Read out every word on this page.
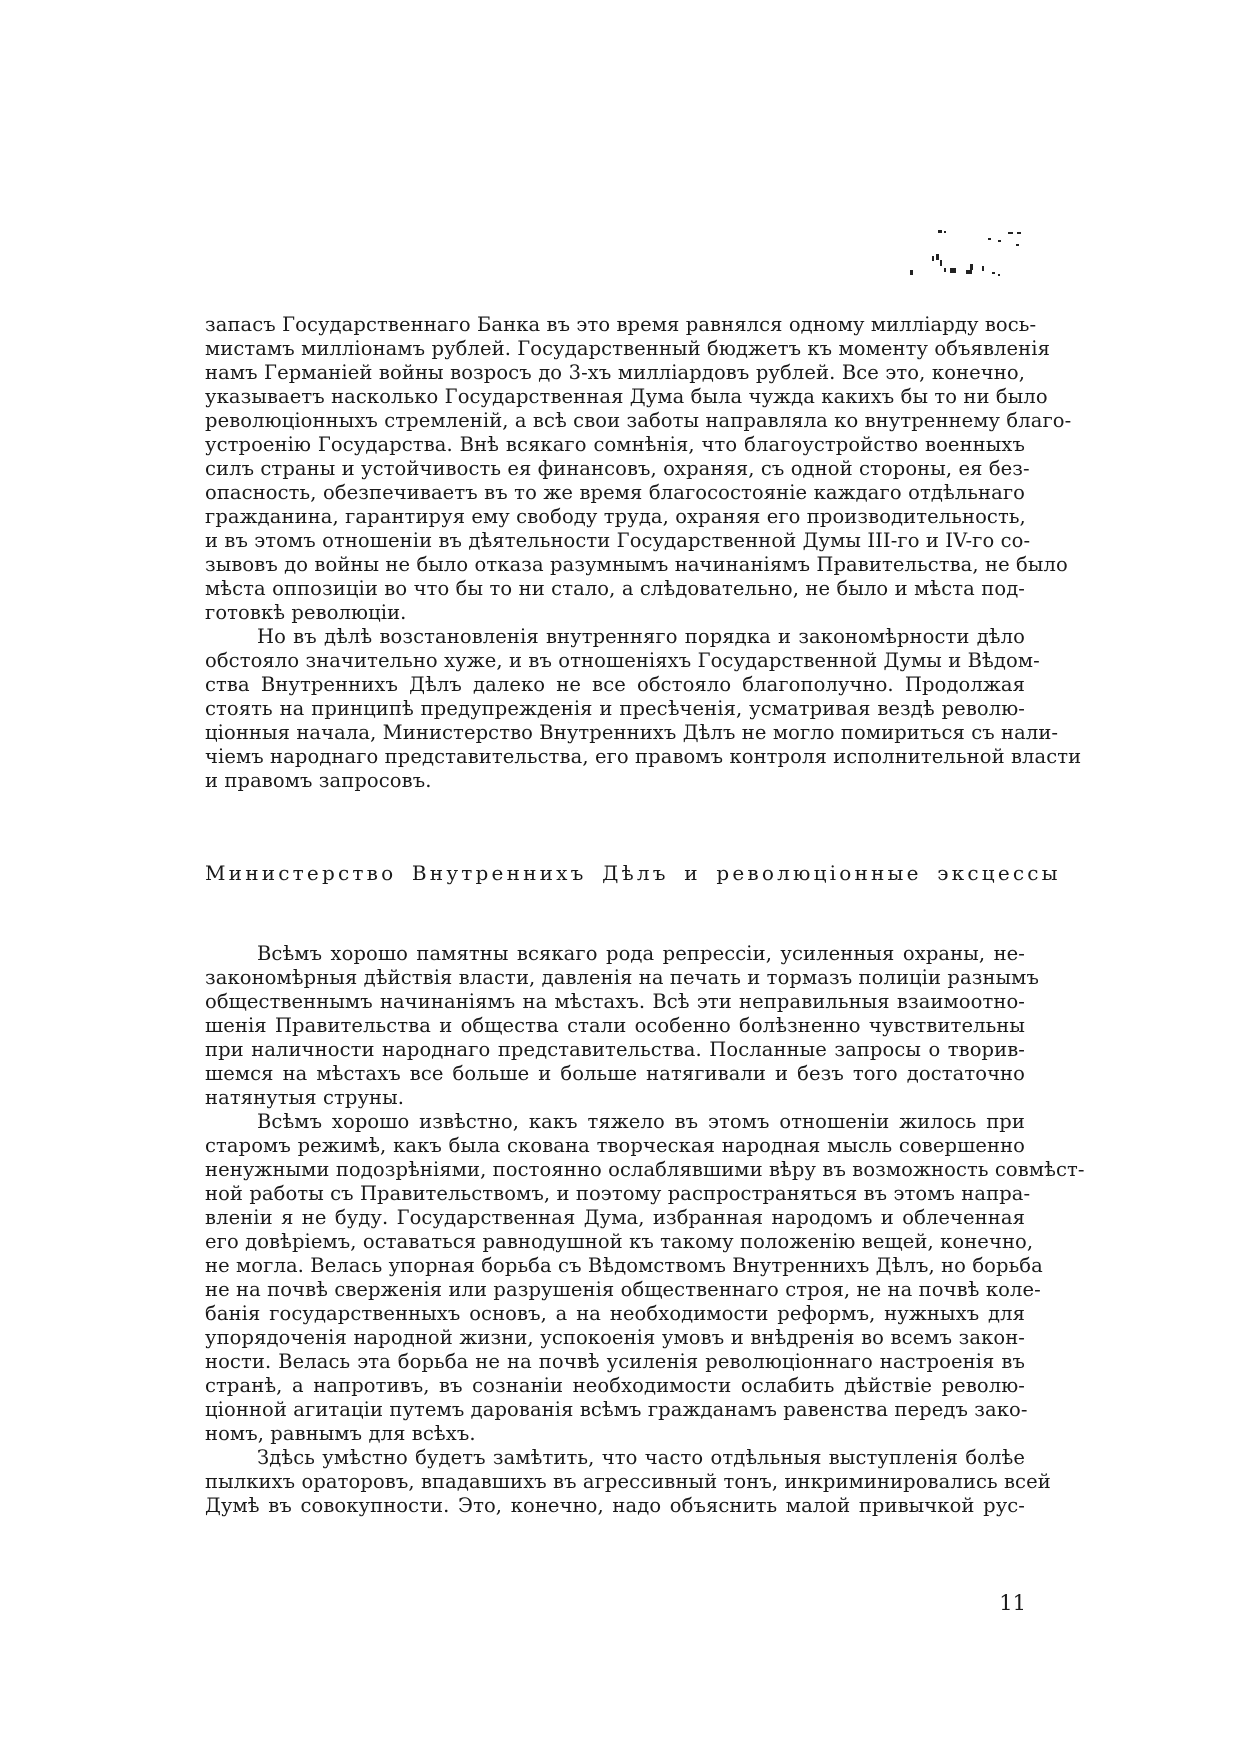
запасъ Государственнаго Банка въ это время равнялся одному милліарду вось-
мистамъ милліонамъ рублей. Государственный бюджетъ къ моменту объявленія
намъ Германіей войны возросъ до 3-хъ милліардовъ рублей. Все это, конечно,
указываетъ насколько Государственная Дума была чужда какихъ бы то ни было
революціонныхъ стремленій, а всѣ свои заботы направляла ко внутреннему благо-
устроенію Государства. Внѣ всякаго сомнѣнія, что благоустройство военныхъ
силъ страны и устойчивость ея финансовъ, охраняя, съ одной стороны, ея без-
опасность, обезпечиваетъ въ то же время благосостояніе каждаго отдѣльнаго
гражданина, гарантируя ему свободу труда, охраняя его производительность,
и въ этомъ отношеніи въ дѣятельности Государственной Думы III-го и IV-го со-
зывовъ до войны не было отказа разумнымъ начинаніямъ Правительства, не было
мѣста оппозиціи во что бы то ни стало, а слѣдовательно, не было и мѣста под-
готовкѣ революціи.
Но въ дѣлѣ возстановленія внутренняго порядка и закономѣрности дѣло
обстояло значительно хуже, и въ отношеніяхъ Государственной Думы и Вѣдом-
ства Внутреннихъ Дѣлъ далеко не все обстояло благополучно. Продолжая
стоять на принципѣ предупрежденія и пресѣченія, усматривая вездѣ револю-
ціонныя начала, Министерство Внутреннихъ Дѣлъ не могло помириться съ нали-
чіемъ народнаго представительства, его правомъ контроля исполнительной власти
и правомъ запросовъ.
Министерство Внутреннихъ Дѣлъ и революціонные эксцессы
Всѣмъ хорошо памятны всякаго рода репрессіи, усиленныя охраны, не-
закономѣрныя дѣйствія власти, давленія на печать и тормазъ полиціи разнымъ
общественнымъ начинаніямъ на мѣстахъ. Всѣ эти неправильныя взаимоотно-
шенія Правительства и общества стали особенно болѣзненно чувствительны
при наличности народнаго представительства. Посланные запросы о творив-
шемся на мѣстахъ все больше и больше натягивали и безъ того достаточно
натянутыя струны.
Всѣмъ хорошо извѣстно, какъ тяжело въ этомъ отношеніи жилось при
старомъ режимѣ, какъ была скована творческая народная мысль совершенно
ненужными подозрѣніями, постоянно ослаблявшими вѣру въ возможность совмѣст-
ной работы съ Правительствомъ, и поэтому распространяться въ этомъ напра-
вленіи я не буду. Государственная Дума, избранная народомъ и облеченная
его довѣріемъ, оставаться равнодушной къ такому положенію вещей, конечно,
не могла. Велась упорная борьба съ Вѣдомствомъ Внутреннихъ Дѣлъ, но борьба
не на почвѣ сверженія или разрушенія общественнаго строя, не на почвѣ коле-
банія государственныхъ основъ, а на необходимости реформъ, нужныхъ для
упорядоченія народной жизни, успокоенія умовъ и внѣдренія во всемъ закон-
ности. Велась эта борьба не на почвѣ усиленія революціоннаго настроенія въ
странѣ, а напротивъ, въ сознаніи необходимости ослабить дѣйствіе револю-
ціонной агитаціи путемъ дарованія всѣмъ гражданамъ равенства передъ зако-
номъ, равнымъ для всѣхъ.
Здѣсь умѣстно будетъ замѣтить, что часто отдѣльныя выступленія болѣе
пылкихъ ораторовъ, впадавшихъ въ агрессивный тонъ, инкриминировались всей
Думѣ въ совокупности. Это, конечно, надо объяснить малой привычкой рус-
11
